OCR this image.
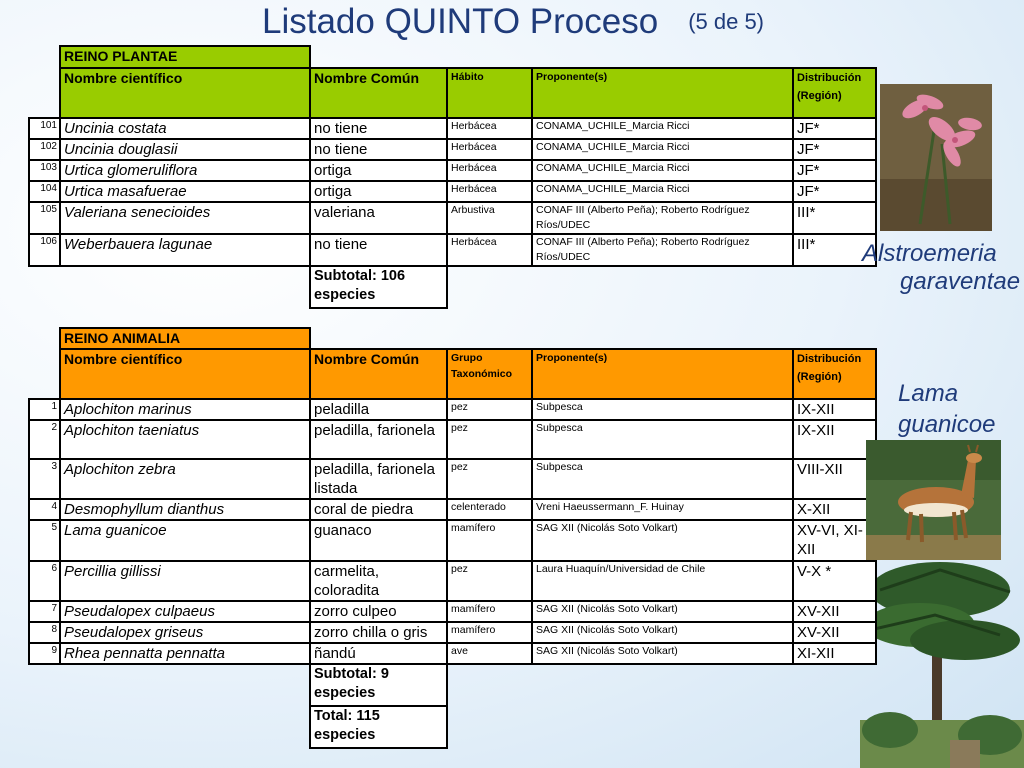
Listado QUINTO Proceso (5 de 5)
	REINO PLANTAE				
	Nombre científico	Nombre Común	Hábito	Proponente(s)	Distribución (Región)
101	Uncinia costata	no tiene	Herbácea	CONAMA_UCHILE_Marcia Ricci	JF*
102	Uncinia douglasii	no tiene	Herbácea	CONAMA_UCHILE_Marcia Ricci	JF*
103	Urtica glomeruliflora	ortiga	Herbácea	CONAMA_UCHILE_Marcia Ricci	JF*
104	Urtica masafuerae	ortiga	Herbácea	CONAMA_UCHILE_Marcia Ricci	JF*
105	Valeriana senecioides	valeriana	Arbustiva	CONAF III (Alberto Peña); Roberto Rodríguez Ríos/UDEC	III*
106	Weberbauera lagunae	no tiene	Herbácea	CONAF III (Alberto Peña); Roberto Rodríguez Ríos/UDEC	III*
		Subtotal: 106 especies			
	REINO ANIMALIA				
	Nombre científico	Nombre Común	Grupo Taxonómico	Proponente(s)	Distribución (Región)
1	Aplochiton marinus	peladilla	pez	Subpesca	IX-XII
2	Aplochiton taeniatus	peladilla, farionela	pez	Subpesca	IX-XII
3	Aplochiton zebra	peladilla, farionela listada	pez	Subpesca	VIII-XII
4	Desmophyllum dianthus	coral de piedra	celenterado	Vreni Haeussermann_F. Huinay	X-XII
5	Lama guanicoe	guanaco	mamífero	SAG XII (Nicolás Soto Volkart)	XV-VI, XI-XII
6	Percillia gillissi	carmelita, coloradita	pez	Laura Huaquín/Universidad de Chile	V-X *
7	Pseudalopex culpaeus	zorro culpeo	mamífero	SAG XII (Nicolás Soto Volkart)	XV-XII
8	Pseudalopex griseus	zorro chilla o gris	mamífero	SAG XII (Nicolás Soto Volkart)	XV-XII
9	Rhea pennatta pennatta	ñandú	ave	SAG XII (Nicolás Soto Volkart)	XI-XII
		Subtotal: 9 especies			
		Total: 115 especies			
Alstroemeria
garaventae
Lama
guanicoe
